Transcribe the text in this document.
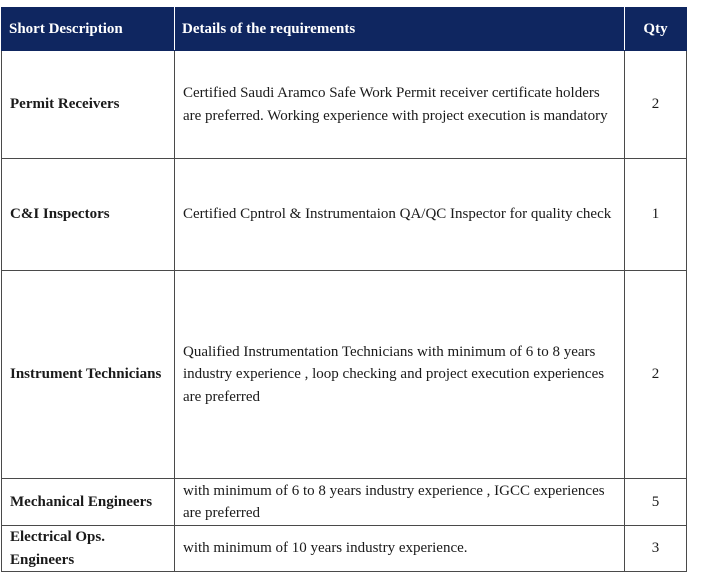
Short Description	Details of the requirements	Qty
Permit Receivers	Certified Saudi Aramco Safe Work Permit receiver certificate holders are preferred. Working experience with project execution is mandatory	2
C&I Inspectors	Certified Cpntrol & Instrumentaion QA/QC Inspector for quality check	1
Instrument Technicians	Qualified Instrumentation Technicians with minimum of 6 to 8 years industry experience , loop checking and project execution experiences are preferred	2
Mechanical Engineers	with minimum of 6 to 8 years industry experience , IGCC experiences are preferred	5
Electrical Ops. Engineers	with minimum of 10 years industry experience.	3
